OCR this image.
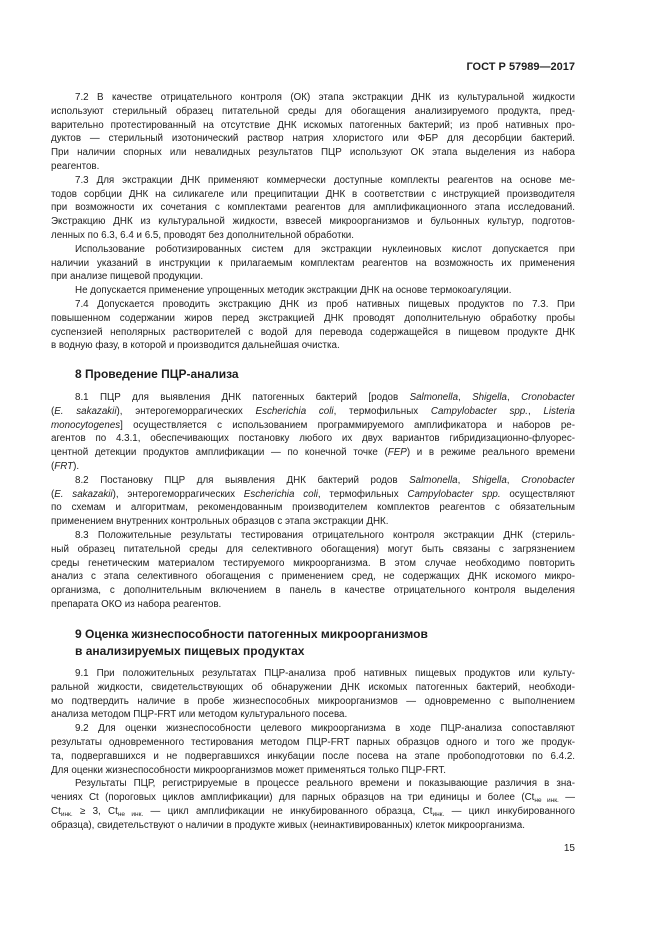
ГОСТ Р 57989—2017
7.2 В качестве отрицательного контроля (ОК) этапа экстракции ДНК из культуральной жидкости
используют стерильный образец питательной среды для обогащения анализируемого продукта, пред-
варительно протестированный на отсутствие ДНК искомых патогенных бактерий; из проб нативных про-
дуктов — стерильный изотонический раствор натрия хлористого или ФБР для десорбции бактерий.
При наличии спорных или невалидных результатов ПЦР используют ОК этапа выделения из набора
реагентов.
7.3 Для экстракции ДНК применяют коммерчески доступные комплекты реагентов на основе ме-
тодов сорбции ДНК на силикагеле или преципитации ДНК в соответствии с инструкцией производителя
при возможности их сочетания с комплектами реагентов для амплификационного этапа исследований.
Экстракцию ДНК из культуральной жидкости, взвесей микроорганизмов и бульонных культур, подготов-
ленных по 6.3, 6.4 и 6.5, проводят без дополнительной обработки.
Использование роботизированных систем для экстракции нуклеиновых кислот допускается при
наличии указаний в инструкции к прилагаемым комплектам реагентов на возможность их применения
при анализе пищевой продукции.
Не допускается применение упрощенных методик экстракции ДНК на основе термокоагуляции.
7.4 Допускается проводить экстракцию ДНК из проб нативных пищевых продуктов по 7.3. При
повышенном содержании жиров перед экстракцией ДНК проводят дополнительную обработку пробы
суспензией неполярных растворителей с водой для перевода содержащейся в пищевом продукте ДНК
в водную фазу, в которой и производится дальнейшая очистка.
8 Проведение ПЦР-анализа
8.1 ПЦР для выявления ДНК патогенных бактерий [родов Salmonella, Shigella, Cronobacter
(E. sakazakii), энтерогеморрагических Escherichia coli, термофильных Campylobacter spp., Listeria
monocytogenes] осуществляется с использованием программируемого амплификатора и наборов ре-
агентов по 4.3.1, обеспечивающих постановку любого их двух вариантов гибридизационно-флуорес-
центной детекции продуктов амплификации — по конечной точке (FEP) и в режиме реального времени
(FRT).
8.2 Постановку ПЦР для выявления ДНК бактерий родов Salmonella, Shigella, Cronobacter
(E. sakazakii), энтерогеморрагических Escherichia coli, термофильных Campylobacter spp. осуществляют
по схемам и алгоритмам, рекомендованным производителем комплектов реагентов с обязательным
применением внутренних контрольных образцов с этапа экстракции ДНК.
8.3 Положительные результаты тестирования отрицательного контроля экстракции ДНК (стериль-
ный образец питательной среды для селективного обогащения) могут быть связаны с загрязнением
среды генетическим материалом тестируемого микроорганизма. В этом случае необходимо повторить
анализ с этапа селективного обогащения с применением сред, не содержащих ДНК искомого микро-
организма, с дополнительным включением в панель в качестве отрицательного контроля выделения
препарата ОКО из набора реагентов.
9 Оценка жизнеспособности патогенных микроорганизмов
в анализируемых пищевых продуктах
9.1 При положительных результатах ПЦР-анализа проб нативных пищевых продуктов или культу-
ральной жидкости, свидетельствующих об обнаружении ДНК искомых патогенных бактерий, необходи-
мо подтвердить наличие в пробе жизнеспособных микроорганизмов — одновременно с выполнением
анализа методом ПЦР-FRT или методом культурального посева.
9.2 Для оценки жизнеспособности целевого микроорганизма в ходе ПЦР-анализа сопоставляют
результаты одновременного тестирования методом ПЦР-FRT парных образцов одного и того же продук-
та, подвергавшихся и не подвергавшихся инкубации после посева на этапе пробоподготовки по 6.4.2.
Для оценки жизнеспособности микроорганизмов может применяться только ПЦР-FRT.
Результаты ПЦР, регистрируемые в процессе реального времени и показывающие различия в зна-
чениях Ct (пороговых циклов амплификации) для парных образцов на три единицы и более ($Ct_{не инк.}$ —
$Ct_{инк.} \ge 3$, $Ct_{не инк.}$ — цикл амплификации не инкубированного образца, $Ct_{инк.}$ — цикл инкубированного
образца), свидетельствуют о наличии в продукте живых (неинактивированных) клеток микроорганизма.
15
